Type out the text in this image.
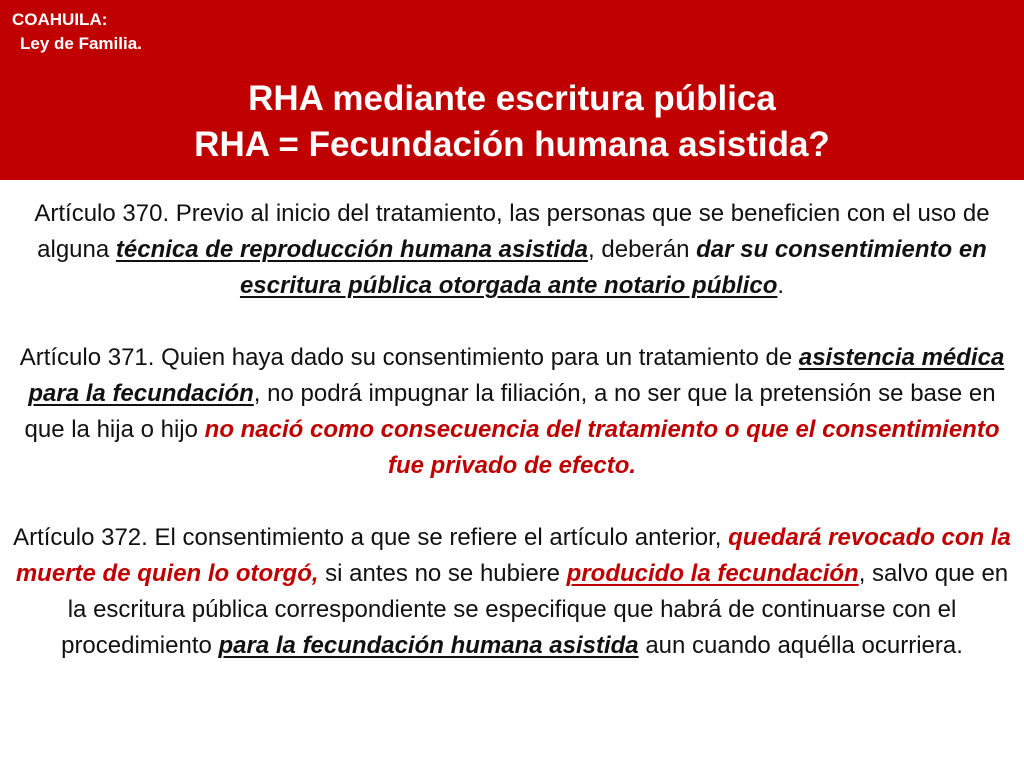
COAHUILA:
Ley de Familia.
RHA mediante escritura pública
RHA = Fecundación humana asistida?

Artículo 370. Previo al inicio del tratamiento, las personas que se beneficien con el uso de alguna técnica de reproducción humana asistida, deberán dar su consentimiento en escritura pública otorgada ante notario público.

Artículo 371. Quien haya dado su consentimiento para un tratamiento de asistencia médica para la fecundación, no podrá impugnar la filiación, a no ser que la pretensión se base en que la hija o hijo no nació como consecuencia del tratamiento o que el consentimiento fue privado de efecto.

Artículo 372. El consentimiento a que se refiere el artículo anterior, quedará revocado con la muerte de quien lo otorgó, si antes no se hubiere producido la fecundación, salvo que en la escritura pública correspondiente se especifique que habrá de continuarse con el procedimiento para la fecundación humana asistida aun cuando aquélla ocurriera.
